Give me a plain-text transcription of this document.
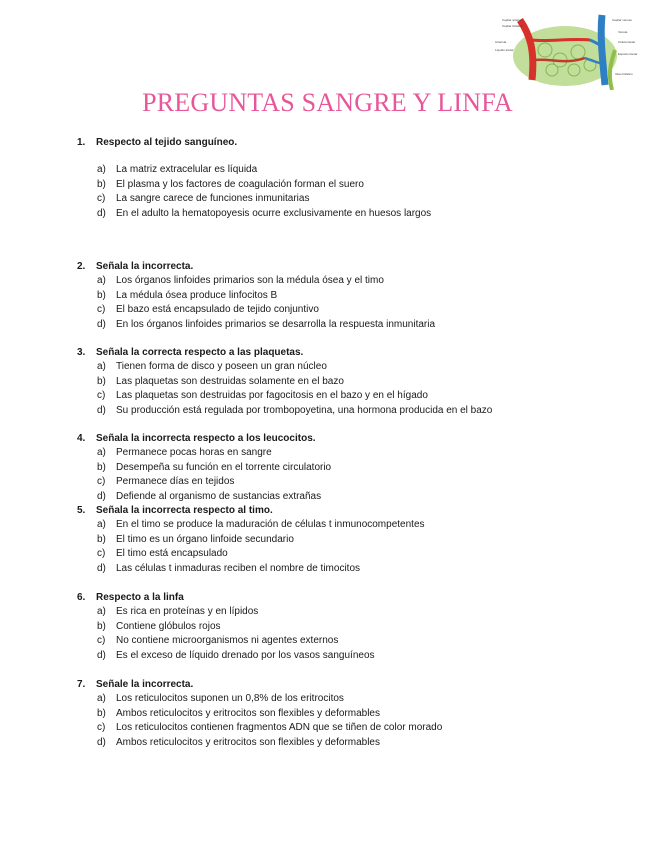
Capilar arterial
Capilar linfático
Capilar venoso
Vénula
Arteriola
Líquido tisular
Célula tisular
Espacio tisular
Vaso linfático
PREGUNTAS SANGRE Y LINFA
1. Respecto al tejido sanguíneo.
a) La matriz extracelular es líquida
b) El plasma y los factores de coagulación forman el suero
c) La sangre carece de funciones inmunitarias
d) En el adulto la hematopoyesis ocurre exclusivamente en huesos largos
2. Señala la incorrecta.
a) Los órganos linfoides primarios son la médula ósea y el timo
b) La médula ósea produce linfocitos B
c) El bazo está encapsulado de tejido conjuntivo
d) En los órganos linfoides primarios se desarrolla la respuesta inmunitaria
3. Señala la correcta respecto a las plaquetas.
a) Tienen forma de disco y poseen un gran núcleo
b) Las plaquetas son destruidas solamente en el bazo
c) Las plaquetas son destruidas por fagocitosis en el bazo y en el hígado
d) Su producción está regulada por trombopoyetina, una hormona producida en el bazo
4. Señala la incorrecta respecto a los leucocitos.
a) Permanece pocas horas en sangre
b) Desempeña su función en el torrente circulatorio
c) Permanece días en tejidos
d) Defiende al organismo de sustancias extrañas
5. Señala la incorrecta respecto al timo.
a) En el timo se produce la maduración de células t inmunocompetentes
b) El timo es un órgano linfoide secundario
c) El timo está encapsulado
d) Las células t inmaduras reciben el nombre de timocitos
6. Respecto a la linfa
a) Es rica en proteínas y en lípidos
b) Contiene glóbulos rojos
c) No contiene microorganismos ni agentes externos
d) Es el exceso de líquido drenado por los vasos sanguíneos
7. Señale la incorrecta.
a) Los reticulocitos suponen un 0,8% de los eritrocitos
b) Ambos reticulocitos y eritrocitos son flexibles y deformables
c) Los reticulocitos contienen fragmentos ADN que se tiñen de color morado
d) Ambos reticulocitos y eritrocitos son flexibles y deformables
